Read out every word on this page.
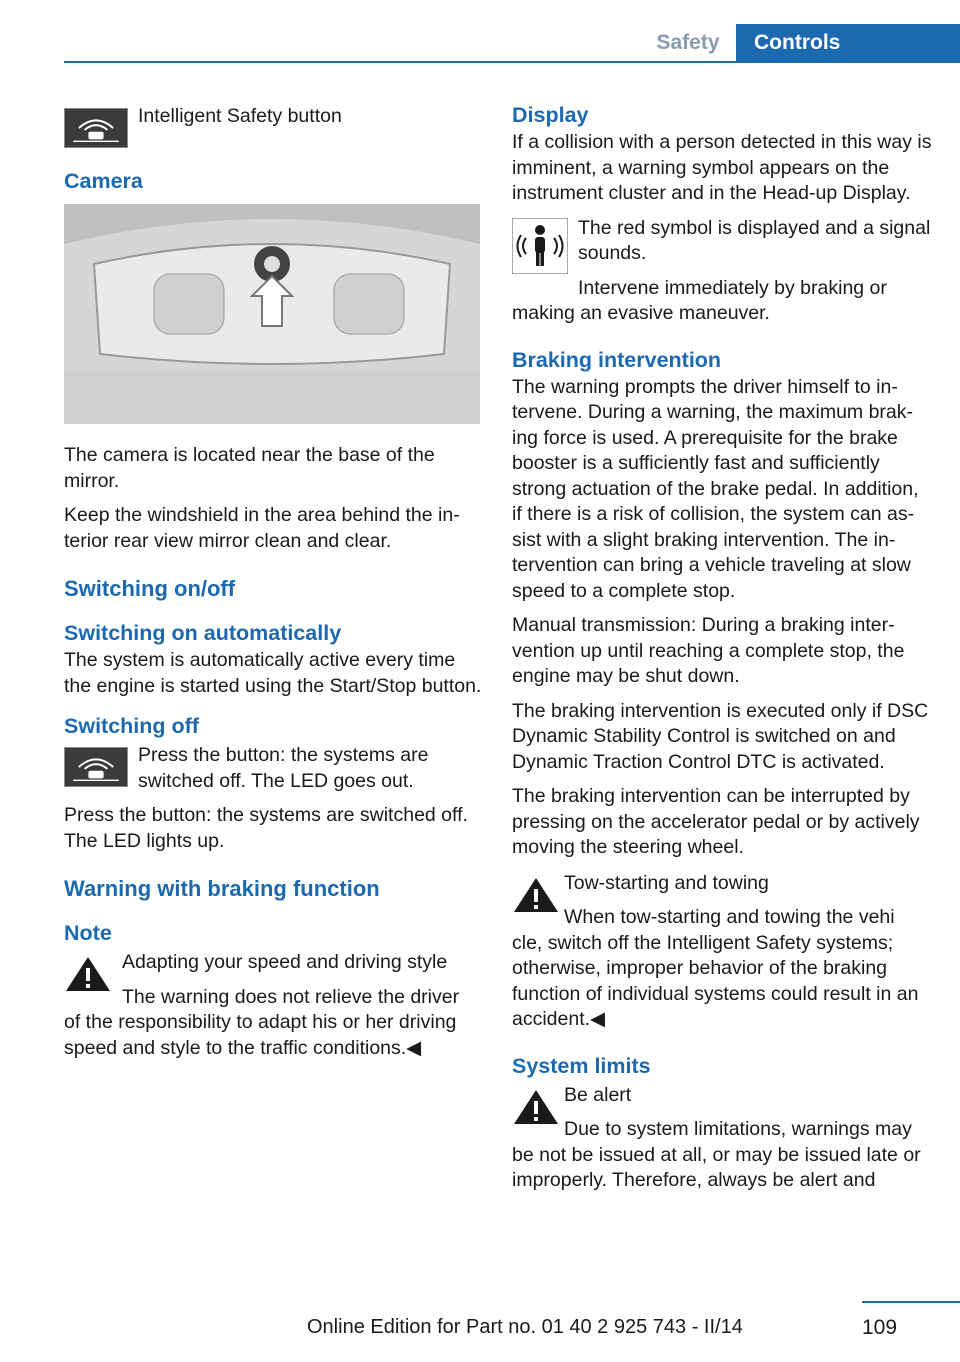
Safety	Controls

Intelligent Safety button

Camera

The camera is located near the base of the mirror.

Keep the windshield in the area behind the interior rear view mirror clean and clear.

Switching on/off
Switching on automatically

The system is automatically active every time the engine is started using the Start/Stop button.

Switching off

Press the button: the systems are switched off. The LED goes out.

Press the button: the systems are switched off. The LED lights up.

Warning with braking function
Note

Adapting your speed and driving style

The warning does not relieve the driver

of the responsibility to adapt his or her driving speed and style to the traffic conditions.◀

Display

If a collision with a person detected in this way is imminent, a warning symbol appears on the instrument cluster and in the Head-up Display.

The red symbol is displayed and a signal sounds.

Intervene immediately by braking or

making an evasive maneuver.

Braking intervention

The warning prompts the driver himself to intervene. During a warning, the maximum braking force is used. A prerequisite for the brake booster is a sufficiently fast and sufficiently strong actuation of the brake pedal. In addition, if there is a risk of collision, the system can assist with a slight braking intervention. The intervention can bring a vehicle traveling at slow speed to a complete stop.

Manual transmission: During a braking intervention up until reaching a complete stop, the engine may be shut down.

The braking intervention is executed only if DSC Dynamic Stability Control is switched on and Dynamic Traction Control DTC is activated.

The braking intervention can be interrupted by pressing on the accelerator pedal or by actively moving the steering wheel.

Tow-starting and towing

When tow-starting and towing the vehi

cle, switch off the Intelligent Safety systems; otherwise, improper behavior of the braking function of individual systems could result in an accident.◀

System limits

Be alert

Due to system limitations, warnings may

be not be issued at all, or may be issued late or improperly. Therefore, always be alert and

109
Online Edition for Part no. 01 40 2 925 743 - II/14
